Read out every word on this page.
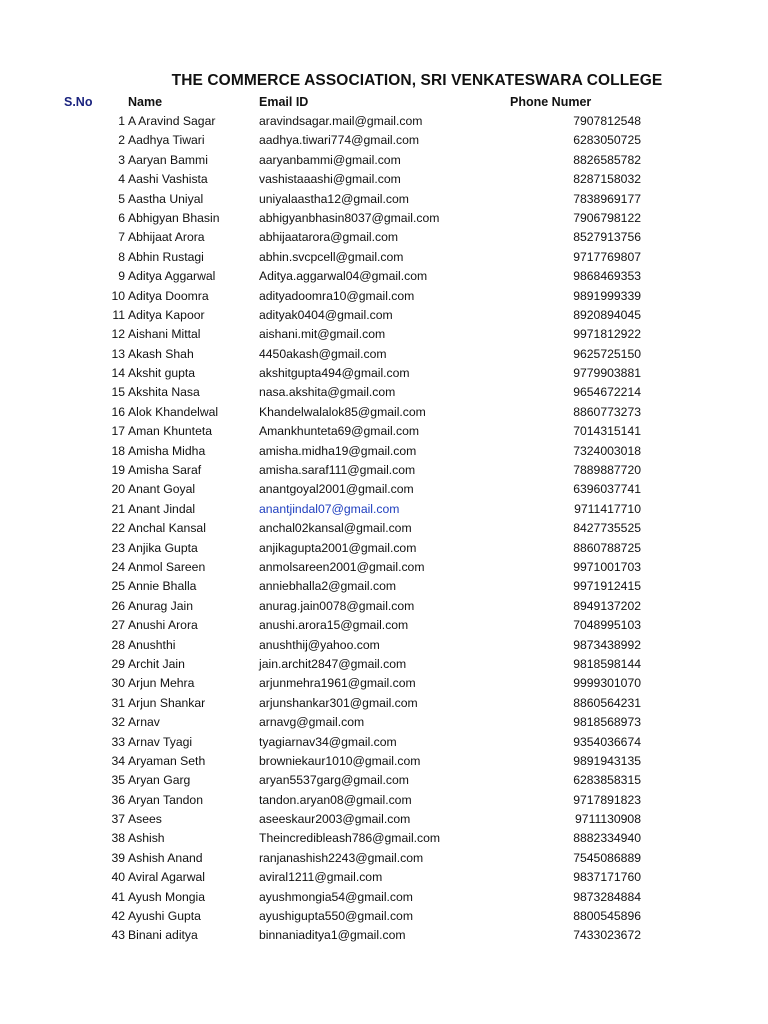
THE COMMERCE ASSOCIATION, SRI VENKATESWARA COLLEGE
S.No	Name	Email ID	Phone Numer
1 A Aravind Sagar	aravindsagar.mail@gmail.com	7907812548
2 Aadhya Tiwari	aadhya.tiwari774@gmail.com	6283050725
3 Aaryan Bammi	aaryanbammi@gmail.com	8826585782
4 Aashi Vashista	vashistaaashi@gmail.com	8287158032
5 Aastha Uniyal	uniyalaastha12@gmail.com	7838969177
6 Abhigyan Bhasin	abhigyanbhasin8037@gmail.com	7906798122
7 Abhijaat Arora	abhijaatarora@gmail.com	8527913756
8 Abhin Rustagi	abhin.svcpcell@gmail.com	9717769807
9 Aditya Aggarwal	Aditya.aggarwal04@gmail.com	9868469353
10 Aditya Doomra	adityadoomra10@gmail.com	9891999339
11 Aditya Kapoor	adityak0404@gmail.com	8920894045
12 Aishani Mittal	aishani.mit@gmail.com	9971812922
13 Akash Shah	4450akash@gmail.com	9625725150
14 Akshit gupta	akshitgupta494@gmail.com	9779903881
15 Akshita Nasa	nasa.akshita@gmail.com	9654672214
16 Alok Khandelwal	Khandelwalalok85@gmail.com	8860773273
17 Aman Khunteta	Amankhunteta69@gmail.com	7014315141
18 Amisha Midha	amisha.midha19@gmail.com	7324003018
19 Amisha Saraf	amisha.saraf111@gmail.com	7889887720
20 Anant Goyal	anantgoyal2001@gmail.com	6396037741
21 Anant Jindal	anantjindal07@gmail.com	9711417710
22 Anchal Kansal	anchal02kansal@gmail.com	8427735525
23 Anjika Gupta	anjikagupta2001@gmail.com	8860788725
24 Anmol Sareen	anmolsareen2001@gmail.com	9971001703
25 Annie Bhalla	anniebhalla2@gmail.com	9971912415
26 Anurag Jain	anurag.jain0078@gmail.com	8949137202
27 Anushi Arora	anushi.arora15@gmail.com	7048995103
28 Anushthi	anushthij@yahoo.com	9873438992
29 Archit Jain	jain.archit2847@gmail.com	9818598144
30 Arjun Mehra	arjunmehra1961@gmail.com	9999301070
31 Arjun Shankar	arjunshankar301@gmail.com	8860564231
32 Arnav	arnavg@gmail.com	9818568973
33 Arnav Tyagi	tyagiarnav34@gmail.com	9354036674
34 Aryaman Seth	browniekaur1010@gmail.com	9891943135
35 Aryan Garg	aryan5537garg@gmail.com	6283858315
36 Aryan Tandon	tandon.aryan08@gmail.com	9717891823
37 Asees	aseeskaur2003@gmail.com	9711130908
38 Ashish	Theincredibleash786@gmail.com	8882334940
39 Ashish Anand	ranjanashish2243@gmail.com	7545086889
40 Aviral Agarwal	aviral1211@gmail.com	9837171760
41 Ayush Mongia	ayushmongia54@gmail.com	9873284884
42 Ayushi Gupta	ayushigupta550@gmail.com	8800545896
43 Binani aditya	binnaniaditya1@gmail.com	7433023672
